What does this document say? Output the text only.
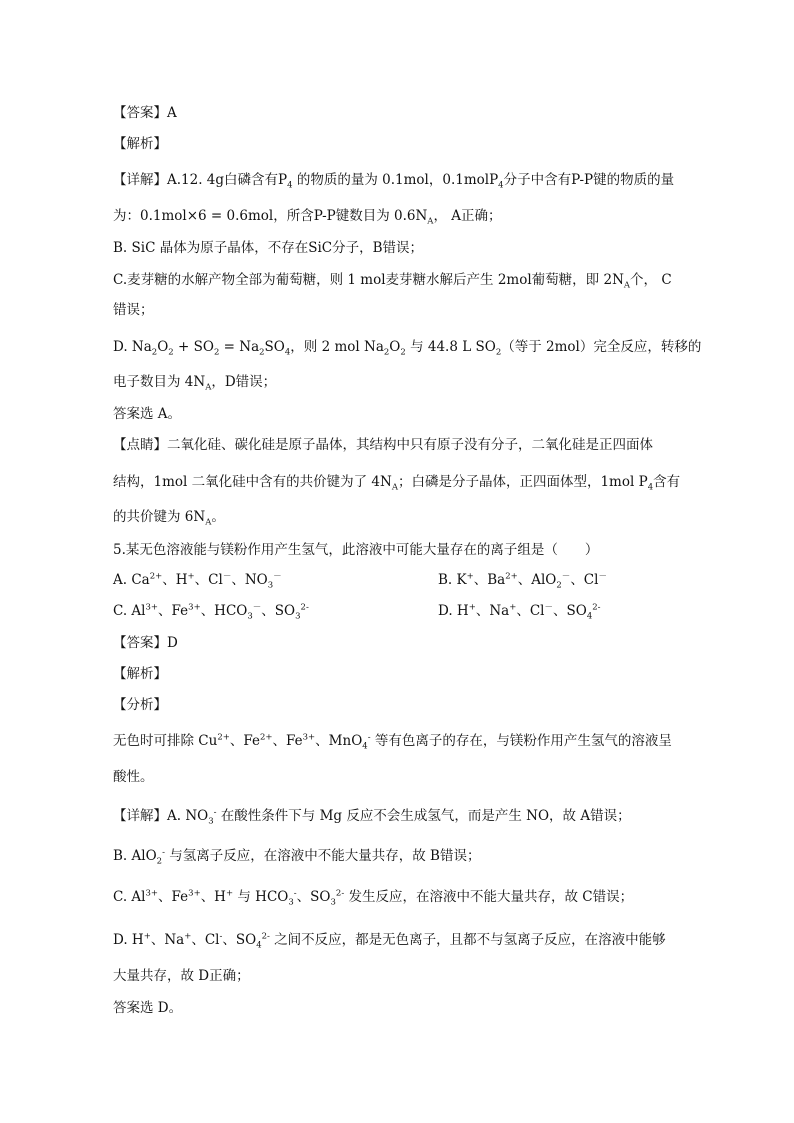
【答案】A
【解析】
【详解】A.12. 4g白磷含有$P_4$ 的物质的量为 0.1mol，0.1molP$_4$分子中含有P-P键的物质的量
为：0.1mol×6 = 0.6mol，所含P-P键数目为 $0.6N_A$， A正确；
B. SiC 晶体为原子晶体，不存在SiC分子，B错误；
C.麦芽糖的水解产物全部为葡萄糖，则 1 mol麦芽糖水解后产生 2mol葡萄糖，即 $2N_A$个， C
错误；
D. $Na_2O_2 + SO_2 = Na_2SO_4$，则 2 mol $Na_2O_2$ 与 44.8 L $SO_2$（等于 2mol）完全反应，转移的
电子数目为 $4N_A$，D错误；
答案选 A。
【点睛】二氧化硅、碳化硅是原子晶体，其结构中只有原子没有分子，二氧化硅是正四面体
结构，1mol 二氧化硅中含有的共价键为了 $4N_A$；白磷是分子晶体，正四面体型，1mol $P_4$含有
的共价键为 $6N_A$。
5.某无色溶液能与镁粉作用产生氢气，此溶液中可能大量存在的离子组是（　　）
A. $Ca^{2+}$、H+、Cl－、$NO_3^-$	B. K+、$Ba^{2+}$、AlO$_2$－、Cl－
C. $Al^{3+}$、$Fe^{3+}$、$HCO_3^-$、$SO_3^{2-}$	D. H+、Na+、Cl－、$SO_4^{2-}$
【答案】D
【解析】
【分析】
无色时可排除 $Cu^{2+}$、$Fe^{2+}$、$Fe^{3+}$、MnO$_4$- 等有色离子的存在，与镁粉作用产生氢气的溶液呈
酸性。
【详解】A. $NO_3^-$ 在酸性条件下与 Mg 反应不会生成氢气，而是产生 NO，故 A错误；
B. AlO$_2$- 与氢离子反应，在溶液中不能大量共存，故 B错误；
C. $Al^{3+}$、$Fe^{3+}$、H+ 与 $HCO_3^-$、$SO_3^{2-}$ 发生反应，在溶液中不能大量共存，故 C错误；
D. H+、Na+、Cl-、$SO_4^{2-}$ 之间不反应，都是无色离子，且都不与氢离子反应，在溶液中能够
大量共存，故 D正确；
答案选 D。
